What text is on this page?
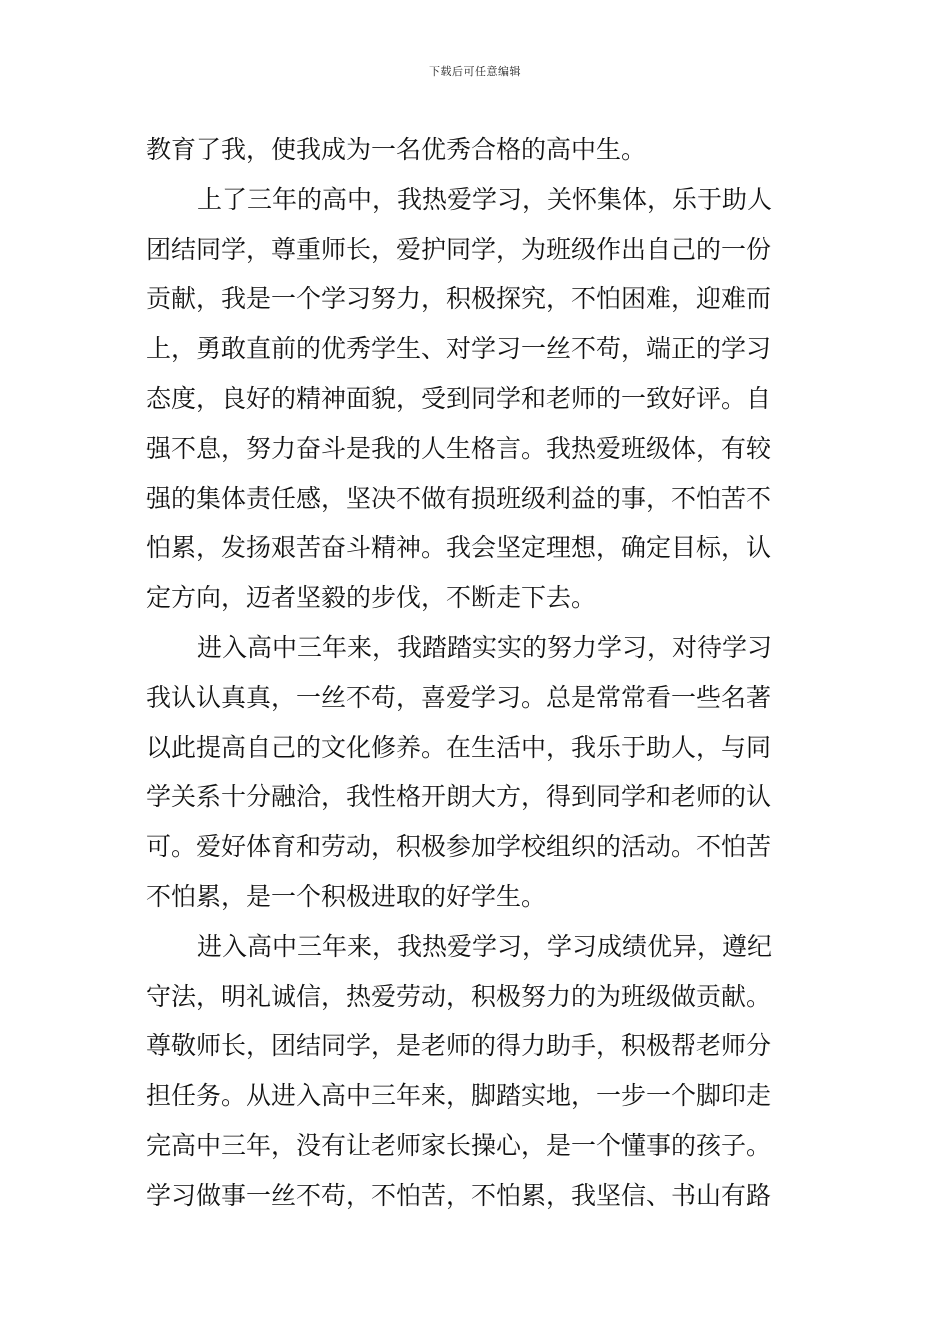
下载后可任意编辑
教育了我，使我成为一名优秀合格的高中生。
上了三年的高中，我热爱学习，关怀集体，乐于助人
团结同学，尊重师长，爱护同学，为班级作出自己的一份
贡献，我是一个学习努力，积极探究，不怕困难，迎难而
上，勇敢直前的优秀学生、对学习一丝不苟，端正的学习
态度，良好的精神面貌，受到同学和老师的一致好评。自
强不息，努力奋斗是我的人生格言。我热爱班级体，有较
强的集体责任感，坚决不做有损班级利益的事，不怕苦不
怕累，发扬艰苦奋斗精神。我会坚定理想，确定目标，认
定方向，迈者坚毅的步伐，不断走下去。
进入高中三年来，我踏踏实实的努力学习，对待学习
我认认真真，一丝不苟，喜爱学习。总是常常看一些名著
以此提高自己的文化修养。在生活中，我乐于助人，与同
学关系十分融洽，我性格开朗大方，得到同学和老师的认
可。爱好体育和劳动，积极参加学校组织的活动。不怕苦
不怕累，是一个积极进取的好学生。
进入高中三年来，我热爱学习，学习成绩优异，遵纪
守法，明礼诚信，热爱劳动，积极努力的为班级做贡献。
尊敬师长，团结同学，是老师的得力助手，积极帮老师分
担任务。从进入高中三年来，脚踏实地，一步一个脚印走
完高中三年，没有让老师家长操心，是一个懂事的孩子。
学习做事一丝不苟，不怕苦，不怕累，我坚信、书山有路
